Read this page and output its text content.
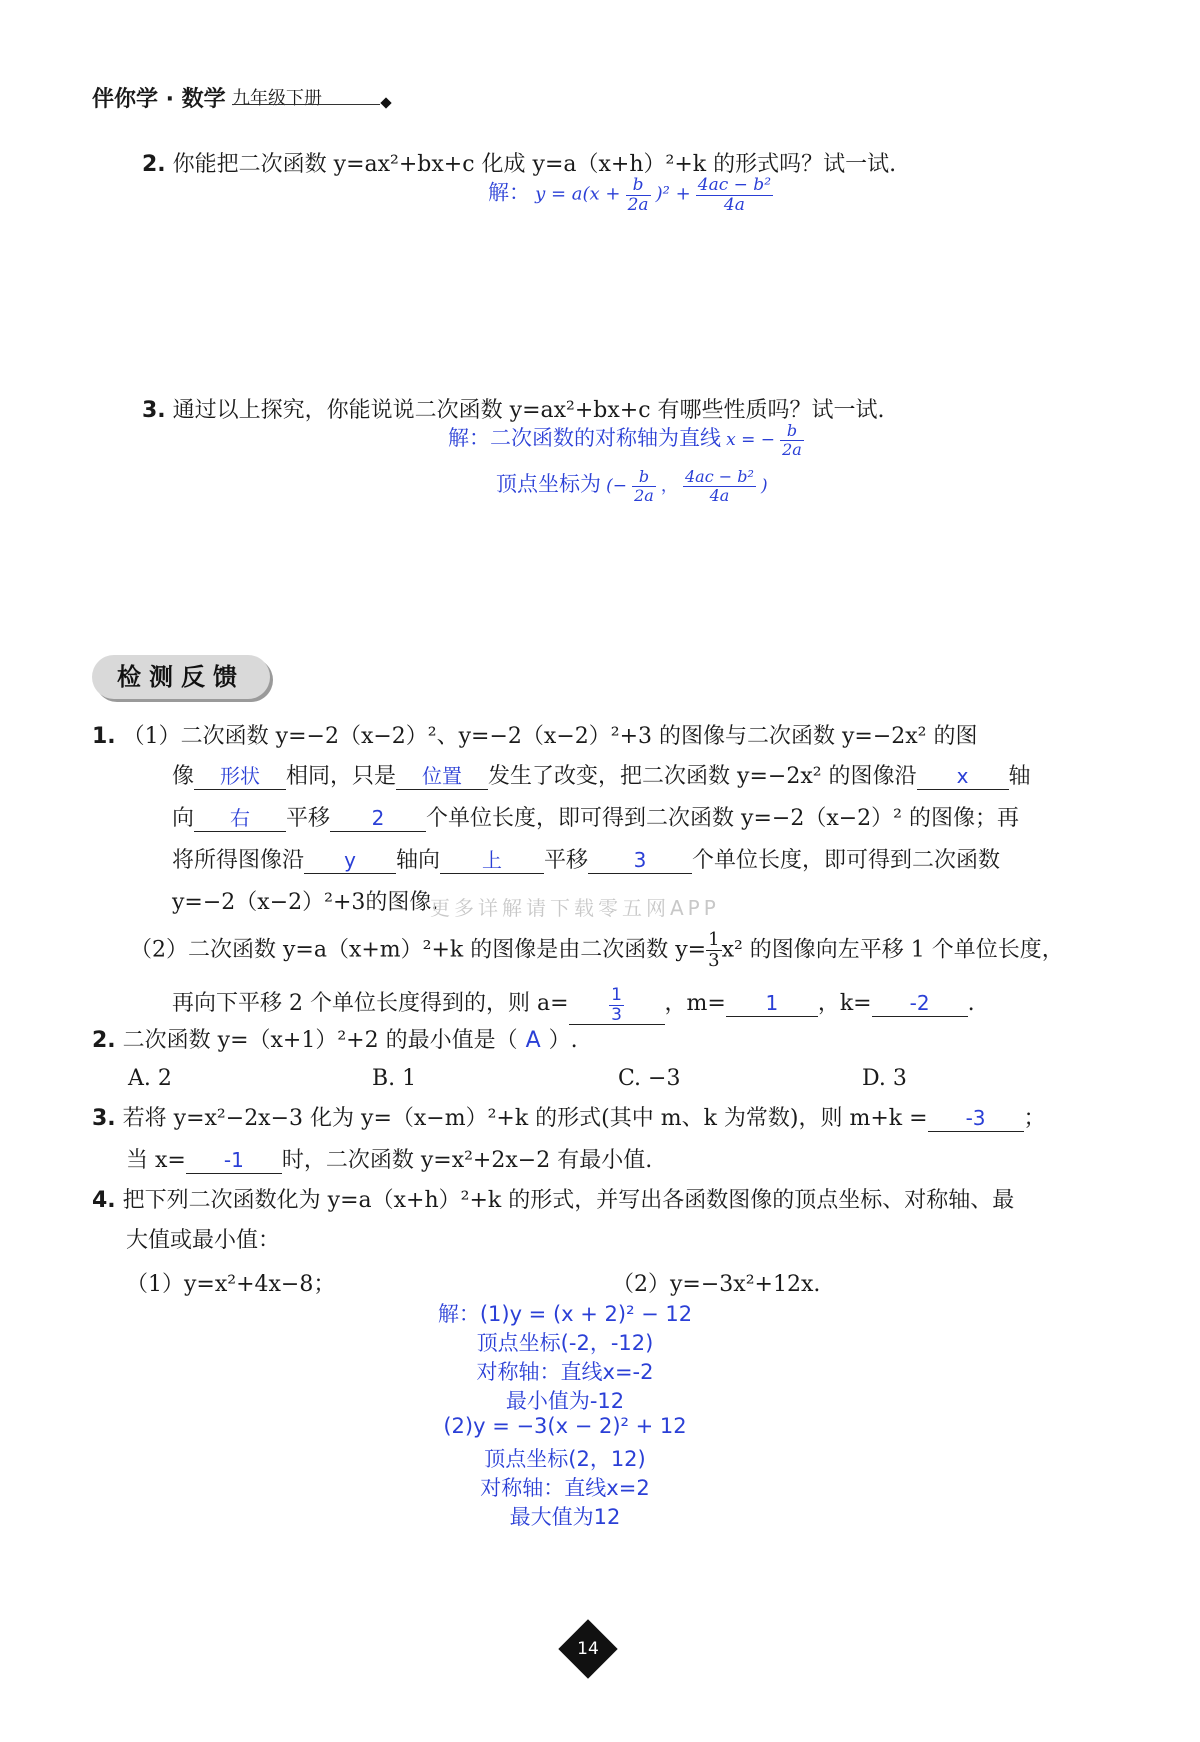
伴你学 · 数学 九年级下册
2. 你能把二次函数 y=ax²+bx+c 化成 y=a（x+h）²+k 的形式吗？试一试.
解： $y = a(x + \frac{b}{2a} )^2 + \frac{\text{4ac − b²}}{4a}$
3. 通过以上探究，你能说说二次函数 y=ax²+bx+c 有哪些性质吗？试一试.
解：二次函数的对称轴为直线 x = − $\frac{b}{2a}$
顶点坐标为 (− $\frac{b}{2a}$ ， $\frac{\text{4ac − b²}}{4a}$ )
检测反馈
1. （1）二次函数 y=−2（x−2）²、y=−2（x−2）²+3 的图像与二次函数 y=−2x² 的图
像 形状 相同，只是 位置 发生了改变，把二次函数 y=−2x² 的图像沿 x 轴
向 右 平移 2 个单位长度，即可得到二次函数 y=−2（x−2）² 的图像；再
将所得图像沿 y 轴向 上 平移 3 个单位长度，即可得到二次函数
y=−2（x−2）²+3的图像.
更多详解请下载零五网APP
（2）二次函数 y=a（x+m）²+k 的图像是由二次函数 $y= \frac{1}{3} x^2$ 的图像向左平移 1 个单位长度，
再向下平移 2 个单位长度得到的，则 $a= \frac{1}{3}$ ，m= 1 ，k= -2 .
2. 二次函数 y=（x+1）²+2 的最小值是（ A ）.
A. 2	B. 1	C. −3	D. 3
3. 若将 y=x²−2x−3 化为 y=（x−m）²+k 的形式(其中 m、k 为常数)，则 m+k = -3 ；
当 x= -1 时，二次函数 y=x²+2x−2 有最小值.
4. 把下列二次函数化为 y=a（x+h）²+k 的形式，并写出各函数图像的顶点坐标、对称轴、最
大值或最小值：
（1）y=x²+4x−8；	（2）y=−3x²+12x.
解：(1)y = (x + 2)² − 12
顶点坐标(-2，-12)
对称轴：直线x=-2
最小值为-12
(2)y = −3(x − 2)² + 12
顶点坐标(2，12)
对称轴：直线x=2
最大值为12
14
